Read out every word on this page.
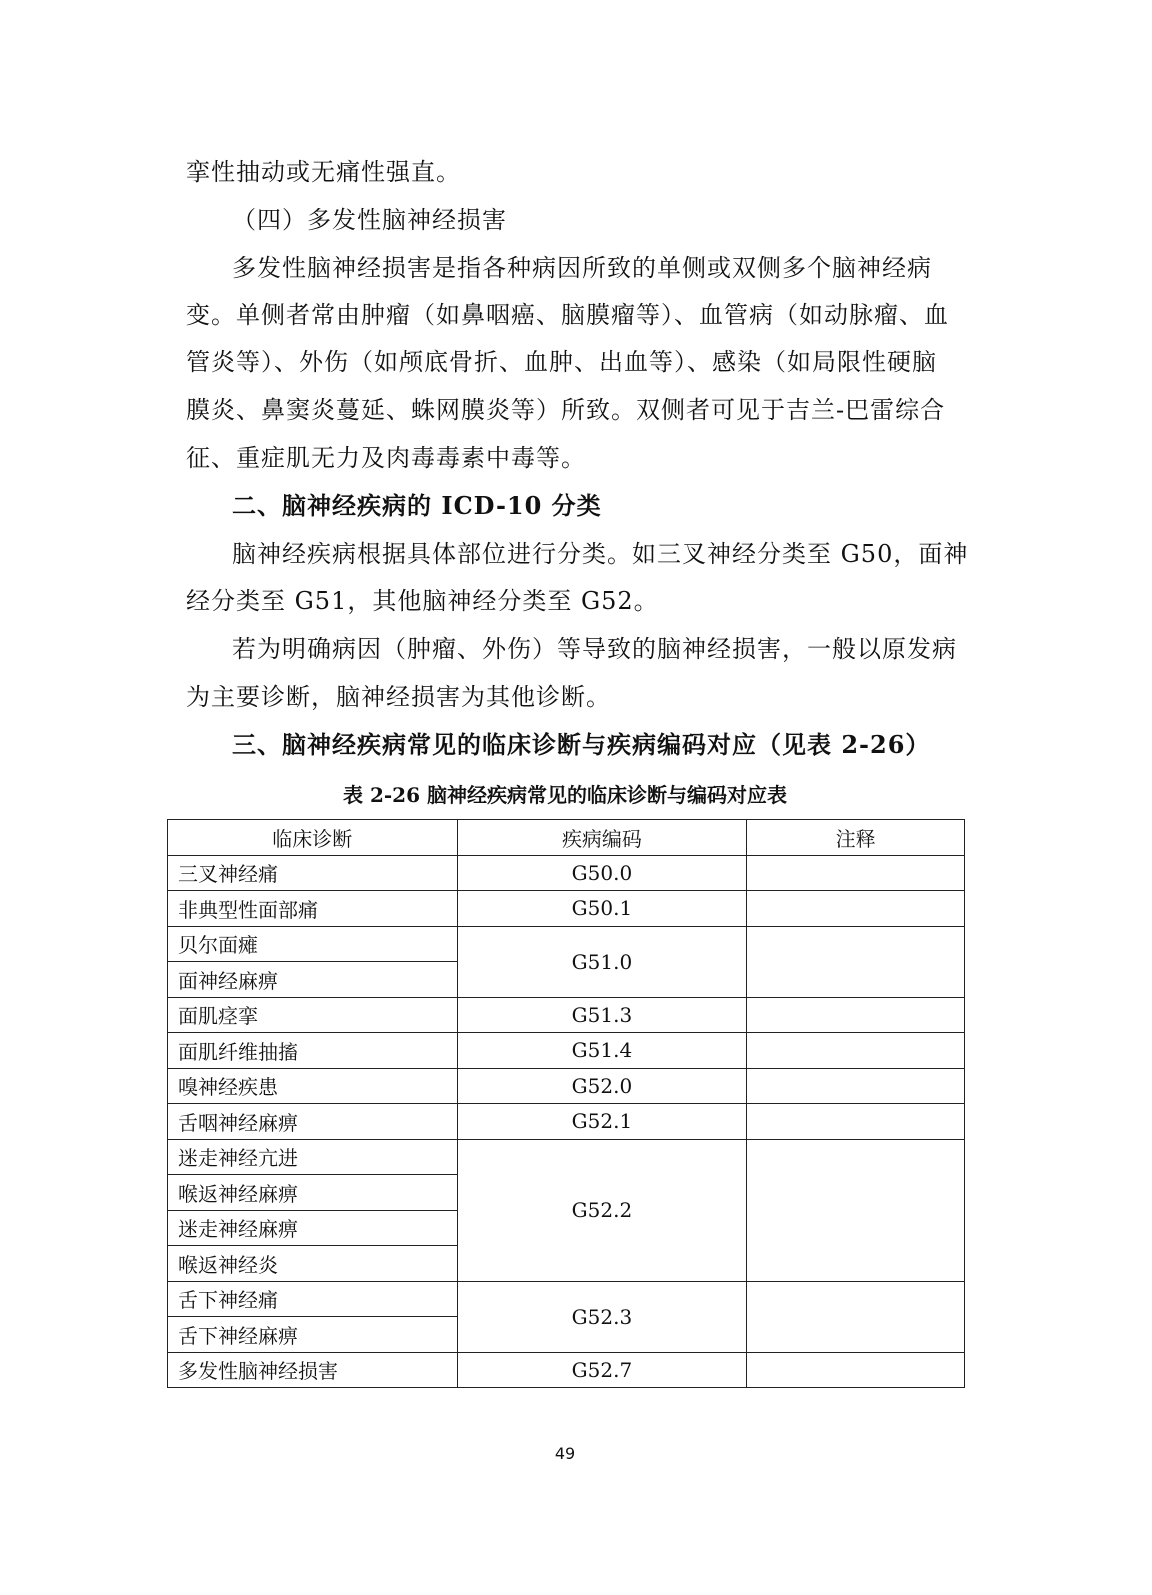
挛性抽动或无痛性强直。
（四）多发性脑神经损害
多发性脑神经损害是指各种病因所致的单侧或双侧多个脑神经病
变。单侧者常由肿瘤（如鼻咽癌、脑膜瘤等）、血管病（如动脉瘤、血
管炎等）、外伤（如颅底骨折、血肿、出血等）、感染（如局限性硬脑
膜炎、鼻窦炎蔓延、蛛网膜炎等）所致。双侧者可见于吉兰-巴雷综合
征、重症肌无力及肉毒毒素中毒等。
二、脑神经疾病的 ICD-10 分类
脑神经疾病根据具体部位进行分类。如三叉神经分类至 G50，面神
经分类至 G51，其他脑神经分类至 G52。
若为明确病因（肿瘤、外伤）等导致的脑神经损害，一般以原发病
为主要诊断，脑神经损害为其他诊断。
三、脑神经疾病常见的临床诊断与疾病编码对应（见表 2-26）
表 2-26 脑神经疾病常见的临床诊断与编码对应表
临床诊断	疾病编码	注释
三叉神经痛	G50.0	
非典型性面部痛	G50.1	
贝尔面瘫	G51.0	
面神经麻痹		
面肌痉挛	G51.3	
面肌纤维抽搐	G51.4	
嗅神经疾患	G52.0	
舌咽神经麻痹	G52.1	
迷走神经亢进	G52.2	
喉返神经麻痹		
迷走神经麻痹		
喉返神经炎		
舌下神经痛	G52.3	
舌下神经麻痹		
多发性脑神经损害	G52.7	
49
